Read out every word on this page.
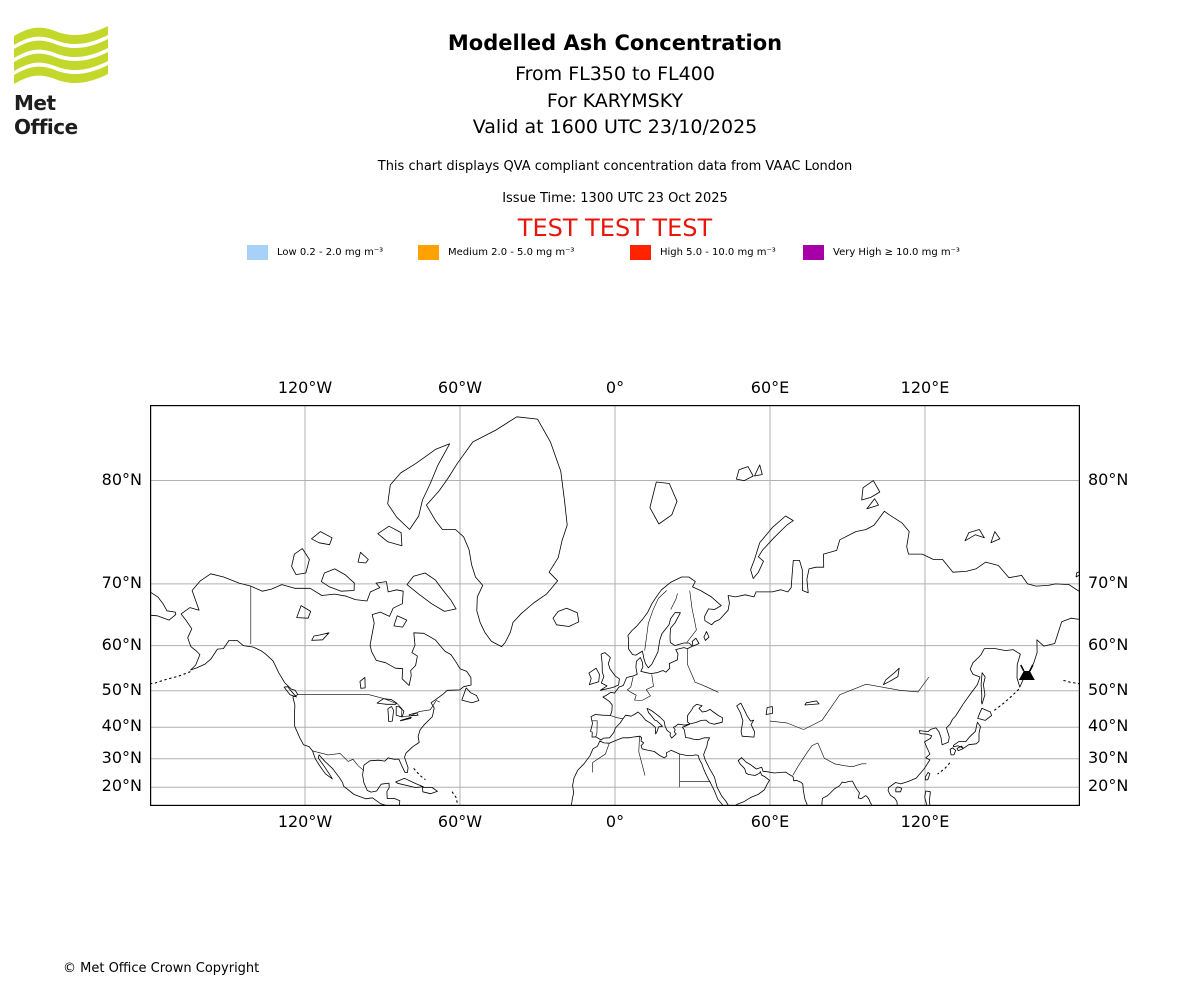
Met Office
Modelled Ash Concentration
From FL350 to FL400
For KARYMSKY
Valid at 1600 UTC 23/10/2025
This chart displays QVA compliant concentration data from VAAC London
Issue Time: 1300 UTC 23 Oct 2025
TEST TEST TEST
Low 0.2 - 2.0 mg m⁻³	Medium 2.0 - 5.0 mg m⁻³	High 5.0 - 10.0 mg m⁻³	Very High ≥ 10.0 mg m⁻³
120°W
120°W
60°W
60°W
0°
0°
60°E
60°E
120°E
120°E
80°N	80°N
70°N	70°N
60°N	60°N
50°N	50°N
40°N	40°N
30°N	30°N
20°N	20°N
© Met Office Crown Copyright
